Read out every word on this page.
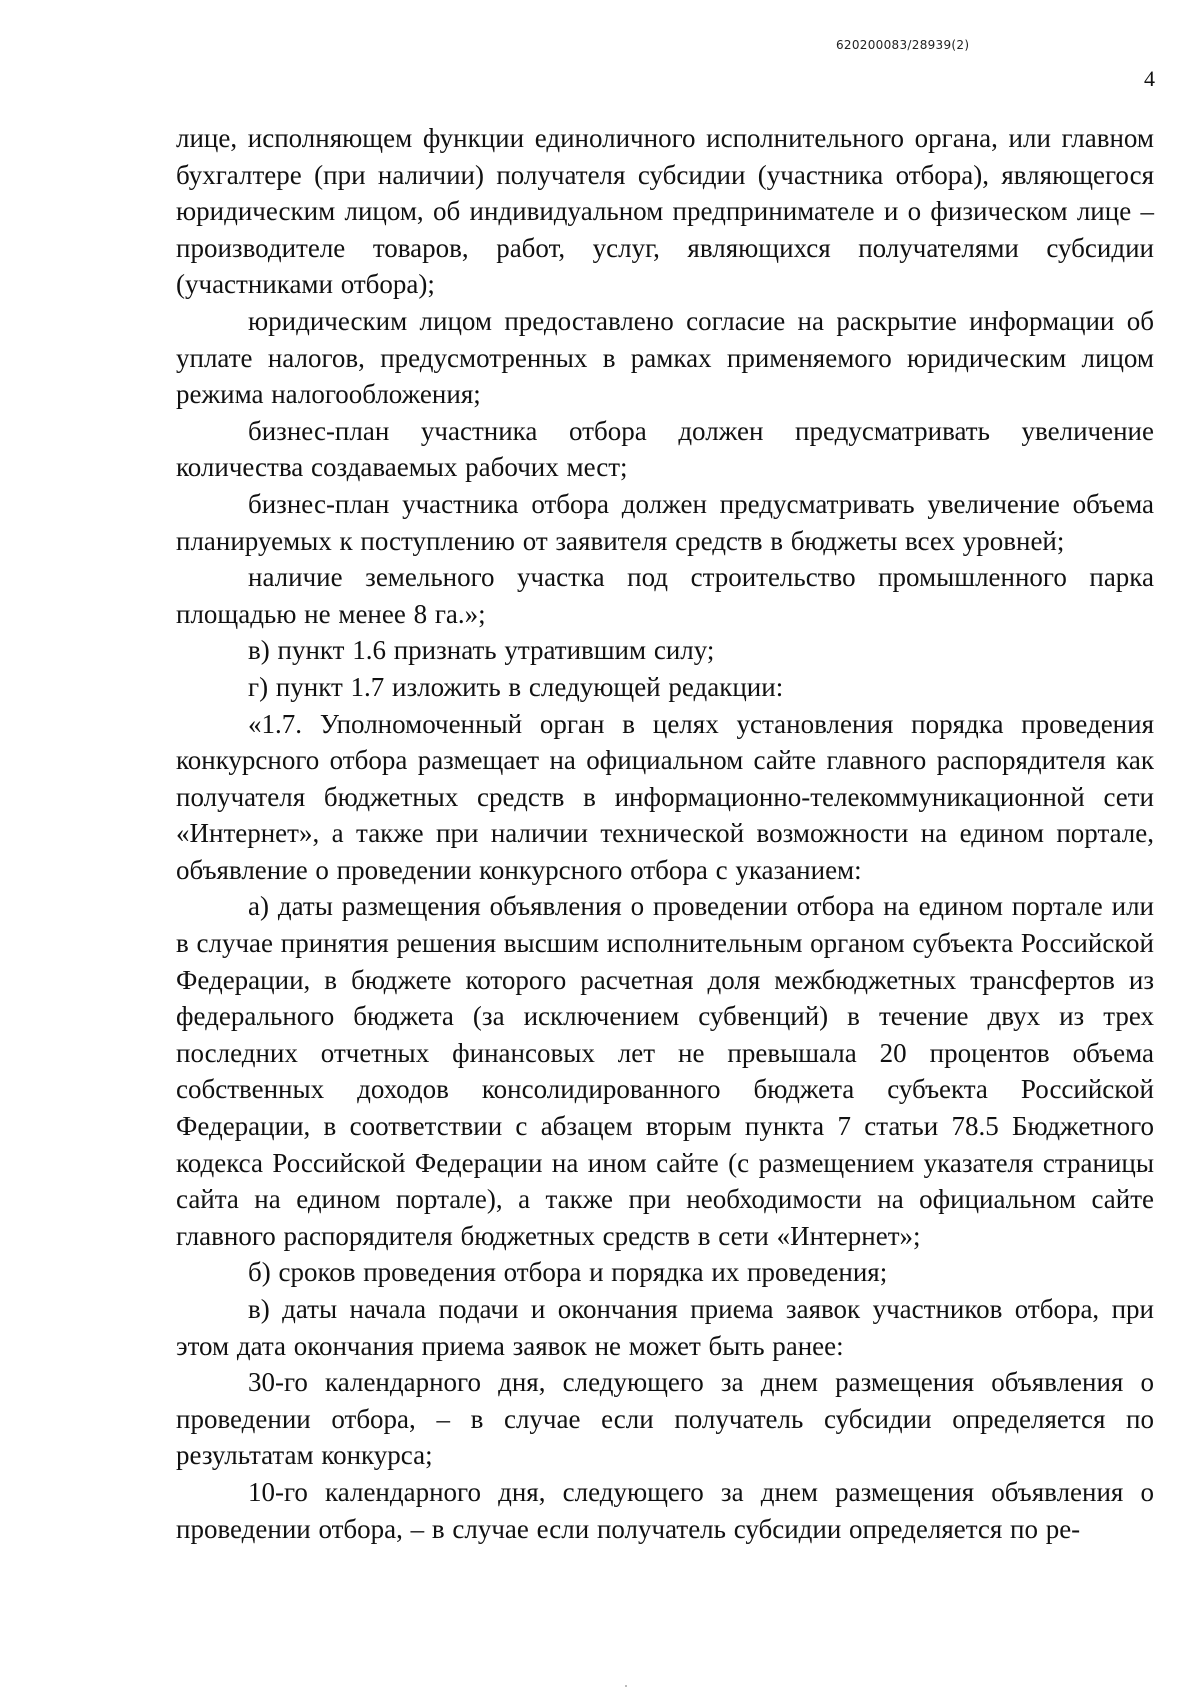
620200083/28939(2)
4

лице, исполняющем функции единоличного исполнительного органа, или главном бухгалтере (при наличии) получателя субсидии (участника отбора), являющегося юридическим лицом, об индивидуальном предпринимателе и о физическом лице – производителе товаров, работ, услуг, являющихся получателями субсидии (участниками отбора);

юридическим лицом предоставлено согласие на раскрытие информации об уплате налогов, предусмотренных в рамках применяемого юридическим лицом режима налогообложения;

бизнес-план участника отбора должен предусматривать увеличение количества создаваемых рабочих мест;

бизнес-план участника отбора должен предусматривать увеличение объема планируемых к поступлению от заявителя средств в бюджеты всех уровней;

наличие земельного участка под строительство промышленного парка площадью не менее 8 га.»;

в) пункт 1.6 признать утратившим силу;

г) пункт 1.7 изложить в следующей редакции:

«1.7. Уполномоченный орган в целях установления порядка проведения конкурсного отбора размещает на официальном сайте главного распорядителя как получателя бюджетных средств в информационно-телекоммуникационной сети «Интернет», а также при наличии технической возможности на едином портале, объявление о проведении конкурсного отбора с указанием:

а) даты размещения объявления о проведении отбора на едином портале или в случае принятия решения высшим исполнительным органом субъекта Российской Федерации, в бюджете которого расчетная доля межбюджетных трансфертов из федерального бюджета (за исключением субвенций) в течение двух из трех последних отчетных финансовых лет не превышала 20 процентов объема собственных доходов консолидированного бюджета субъекта Российской Федерации, в соответствии с абзацем вторым пункта 7 статьи 78.5 Бюджетного кодекса Российской Федерации на ином сайте (с размещением указателя страницы сайта на едином портале), а также при необходимости на официальном сайте главного распорядителя бюджетных средств в сети «Интернет»;

б) сроков проведения отбора и порядка их проведения;

в) даты начала подачи и окончания приема заявок участников отбора, при этом дата окончания приема заявок не может быть ранее:

30-го календарного дня, следующего за днем размещения объявления о проведении отбора, – в случае если получатель субсидии определяется по результатам конкурса;

10-го календарного дня, следующего за днем размещения объявления о проведении отбора, – в случае если получатель субсидии определяется по ре-
